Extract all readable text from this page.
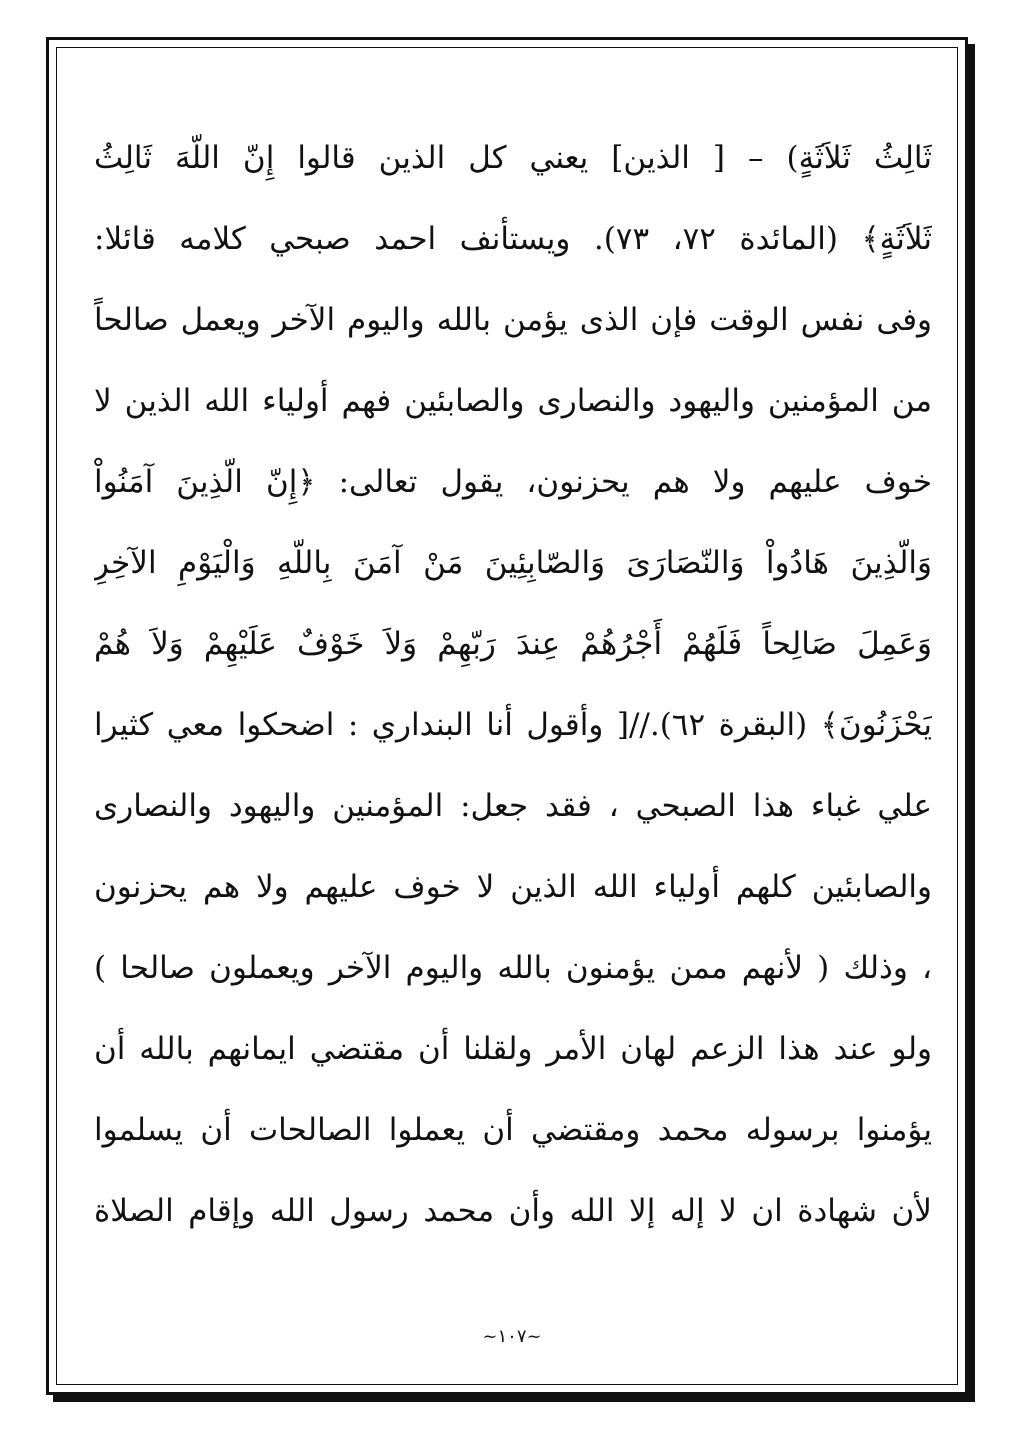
ثَالِثُ ثَلاَثَةٍ) – [ الذين] يعني كل الذين قالوا إِنّ اللّهَ ثَالِثُ
ثَلاَثَةٍ﴾ (المائدة ٧٢، ٧٣). ويستأنف احمد صبحي كلامه قائلا:
وفى نفس الوقت فإن الذى يؤمن بالله واليوم الآخر ويعمل صالحاً
من المؤمنين واليهود والنصارى والصابئين فهم أولياء الله الذين لا
خوف عليهم ولا هم يحزنون، يقول تعالى: ﴿إِنّ الّذِينَ آمَنُواْ
وَالّذِينَ هَادُواْ وَالنّصَارَىَ وَالصّابِئِينَ مَنْ آمَنَ بِاللّهِ وَالْيَوْمِ الآخِرِ
وَعَمِلَ صَالِحاً فَلَهُمْ أَجْرُهُمْ عِندَ رَبّهِمْ وَلاَ خَوْفٌ عَلَيْهِمْ وَلاَ هُمْ
يَحْزَنُونَ﴾ (البقرة ٦٢).//[ وأقول أنا البنداري : اضحكوا معي كثيرا
علي غباء هذا الصبحي ، فقد جعل: المؤمنين واليهود والنصارى
والصابئين كلهم أولياء الله الذين لا خوف عليهم ولا هم يحزنون
، وذلك ( لأنهم ممن يؤمنون بالله واليوم الآخر ويعملون صالحا )
ولو عند هذا الزعم لهان الأمر ولقلنا أن مقتضي ايمانهم بالله أن
يؤمنوا برسوله محمد ومقتضي أن يعملوا الصالحات أن يسلموا
لأن شهادة ان لا إله إلا الله وأن محمد رسول الله وإقام الصلاة
~١٠٧~
